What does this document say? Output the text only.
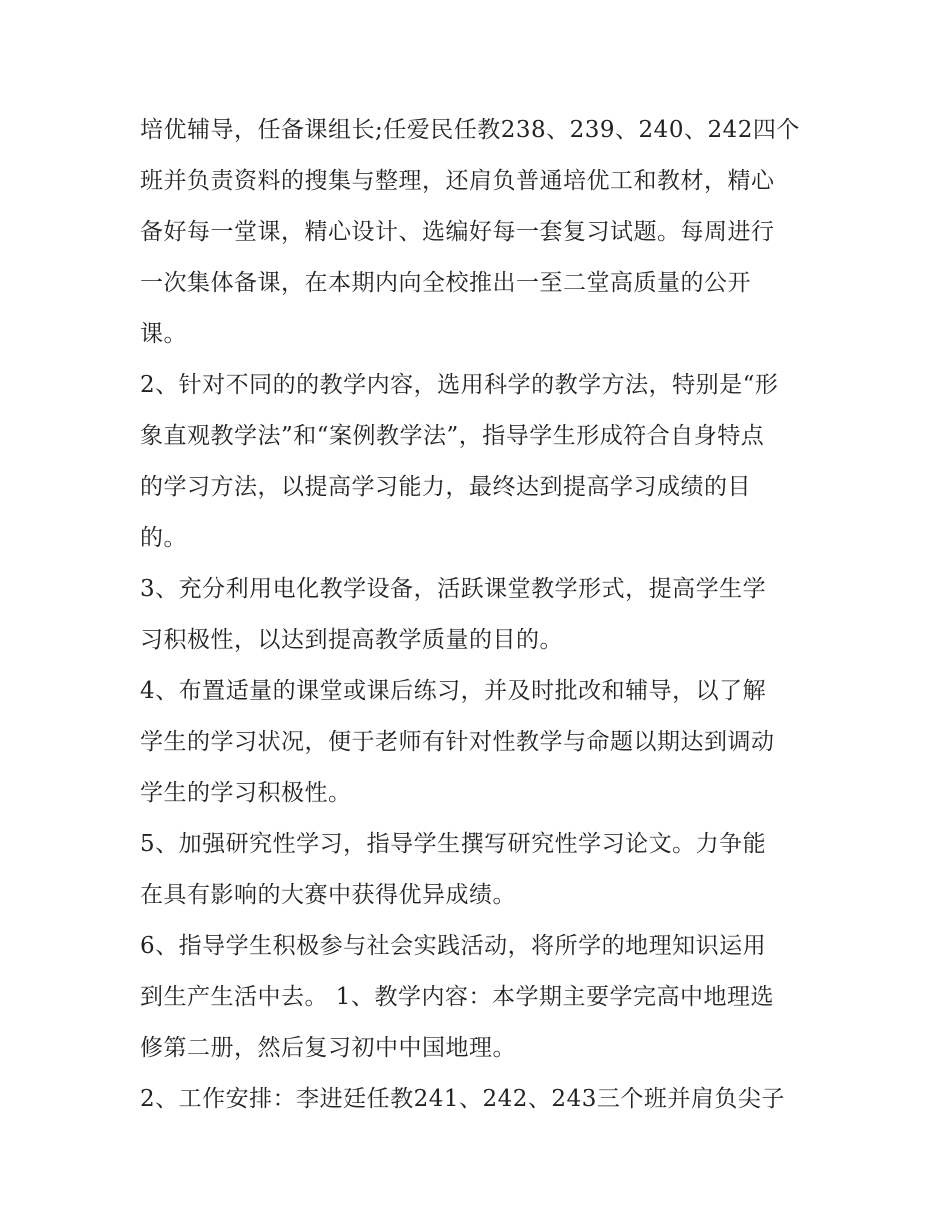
培优辅导，任备课组长;任爱民任教238、239、240、242四个
班并负责资料的搜集与整理，还肩负普通培优工和教材，精心
备好每一堂课，精心设计、选编好每一套复习试题。每周进行
一次集体备课，在本期内向全校推出一至二堂高质量的公开
课。
2、针对不同的的教学内容，选用科学的教学方法，特别是“形
象直观教学法”和“案例教学法”，指导学生形成符合自身特点
的学习方法，以提高学习能力，最终达到提高学习成绩的目
的。
3、充分利用电化教学设备，活跃课堂教学形式，提高学生学
习积极性，以达到提高教学质量的目的。
4、布置适量的课堂或课后练习，并及时批改和辅导，以了解
学生的学习状况，便于老师有针对性教学与命题以期达到调动
学生的学习积极性。
5、加强研究性学习，指导学生撰写研究性学习论文。力争能
在具有影响的大赛中获得优异成绩。
6、指导学生积极参与社会实践活动，将所学的地理知识运用
到生产生活中去。 1、教学内容：本学期主要学完高中地理选
修第二册，然后复习初中中国地理。
2、工作安排：李进廷任教241、242、243三个班并肩负尖子
